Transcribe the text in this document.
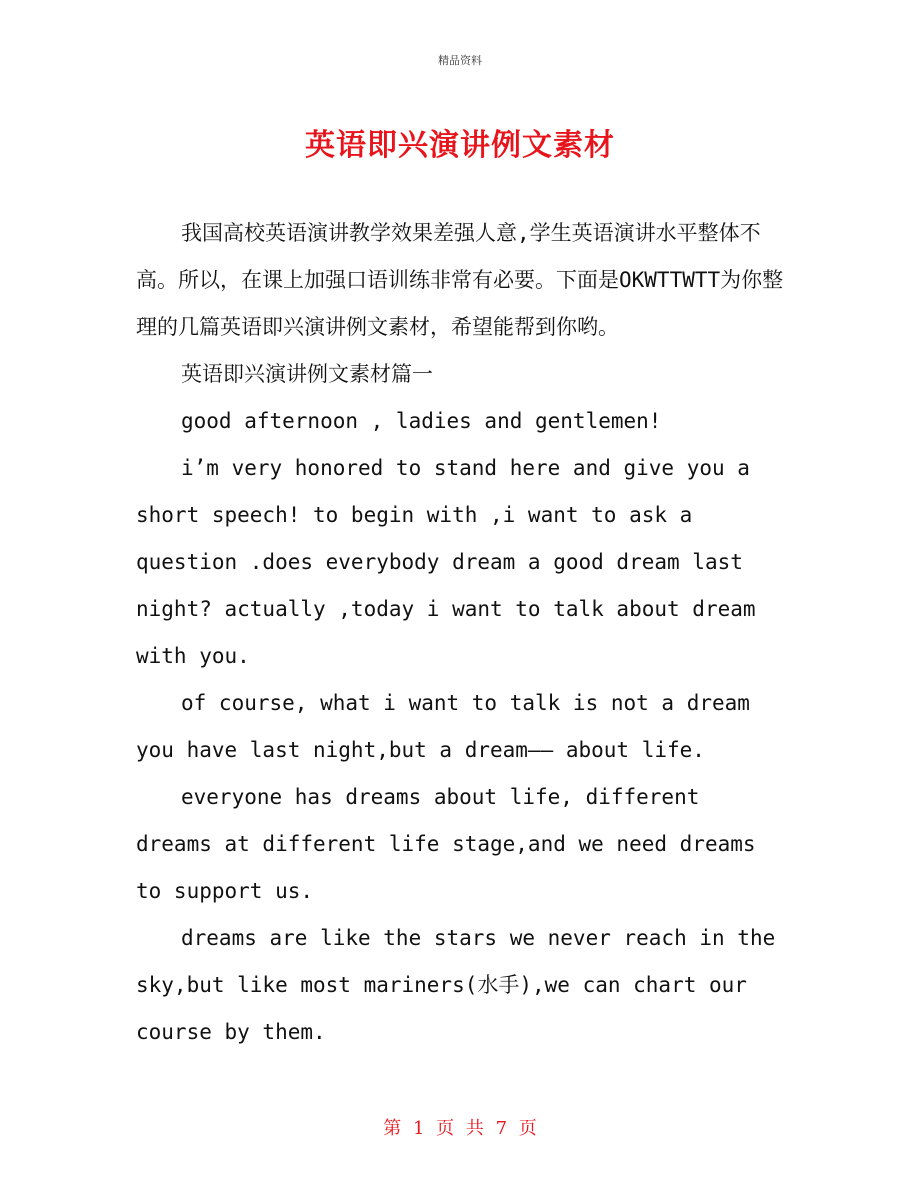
精品资料
英语即兴演讲例文素材

我国高校英语演讲教学效果差强人意,学生英语演讲水平整体不高。所以，在课上加强口语训练非常有必要。下面是OKWTTWTT为你整理的几篇英语即兴演讲例文素材，希望能帮到你哟。

英语即兴演讲例文素材篇一

good afternoon , ladies and gentlemen!

i’m very honored to stand here and give you a short speech! to begin with ,i want to ask a question .does everybody dream a good dream last night? actually ,today i want to talk about dream with you.

of course, what i want to talk is not a dream you have last night,but a dream—— about life.

everyone has dreams about life, different dreams at different life stage,and we need dreams to support us.

dreams are like the stars we never reach in the sky,but like most mariners(水手),we can chart our course by them.

第 1 页 共 7 页
